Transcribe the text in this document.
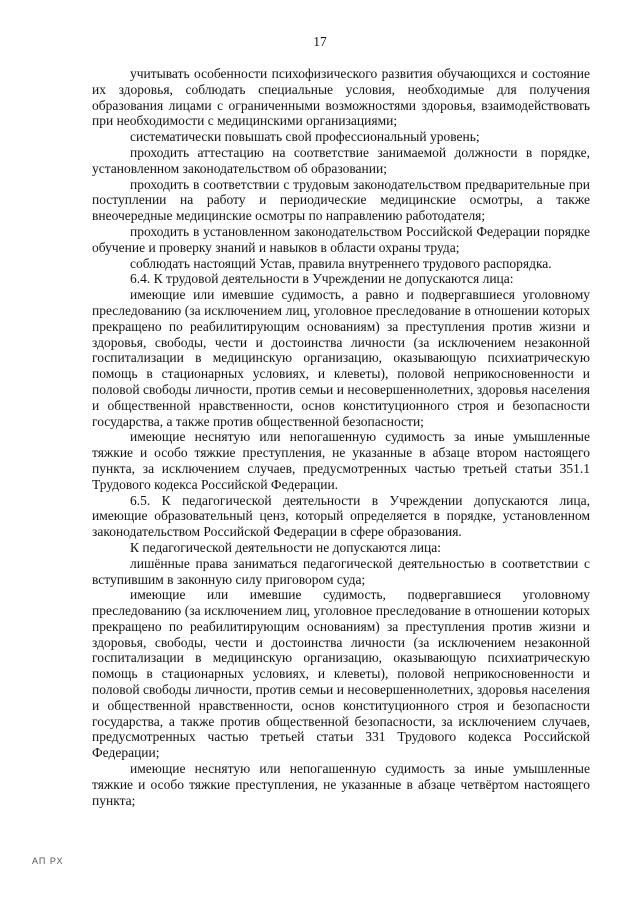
17

учитывать особенности психофизического развития обучающихся и состояние их здоровья, соблюдать специальные условия, необходимые для получения образования лицами с ограниченными возможностями здоровья, взаимодействовать при необходимости с медицинскими организациями;

систематически повышать свой профессиональный уровень;

проходить аттестацию на соответствие занимаемой должности в порядке, установленном законодательством об образовании;

проходить в соответствии с трудовым законодательством предварительные при поступлении на работу и периодические медицинские осмотры, а также внеочередные медицинские осмотры по направлению работодателя;

проходить в установленном законодательством Российской Федерации порядке обучение и проверку знаний и навыков в области охраны труда;

соблюдать настоящий Устав, правила внутреннего трудового распорядка.

6.4. К трудовой деятельности в Учреждении не допускаются лица:

имеющие или имевшие судимость, а равно и подвергавшиеся уголовному преследованию (за исключением лиц, уголовное преследование в отношении которых прекращено по реабилитирующим основаниям) за преступления против жизни и здоровья, свободы, чести и достоинства личности (за исключением незаконной госпитализации в медицинскую организацию, оказывающую психиатрическую помощь в стационарных условиях, и клеветы), половой неприкосновенности и половой свободы личности, против семьи и несовершеннолетних, здоровья населения и общественной нравственности, основ конституционного строя и безопасности государства, а также против общественной безопасности;

имеющие неснятую или непогашенную судимость за иные умышленные тяжкие и особо тяжкие преступления, не указанные в абзаце втором настоящего пункта, за исключением случаев, предусмотренных частью третьей статьи 351.1 Трудового кодекса Российской Федерации.

6.5. К педагогической деятельности в Учреждении допускаются лица, имеющие образовательный ценз, который определяется в порядке, установленном законодательством Российской Федерации в сфере образования.

К педагогической деятельности не допускаются лица:

лишённые права заниматься педагогической деятельностью в соответствии с вступившим в законную силу приговором суда;

имеющие или имевшие судимость, подвергавшиеся уголовному преследованию (за исключением лиц, уголовное преследование в отношении которых прекращено по реабилитирующим основаниям) за преступления против жизни и здоровья, свободы, чести и достоинства личности (за исключением незаконной госпитализации в медицинскую организацию, оказывающую психиатрическую помощь в стационарных условиях, и клеветы), половой неприкосновенности и половой свободы личности, против семьи и несовершеннолетних, здоровья населения и общественной нравственности, основ конституционного строя и безопасности государства, а также против общественной безопасности, за исключением случаев, предусмотренных частью третьей статьи 331 Трудового кодекса Российской Федерации;

имеющие неснятую или непогашенную судимость за иные умышленные тяжкие и особо тяжкие преступления, не указанные в абзаце четвёртом настоящего пункта;

АП РХ
